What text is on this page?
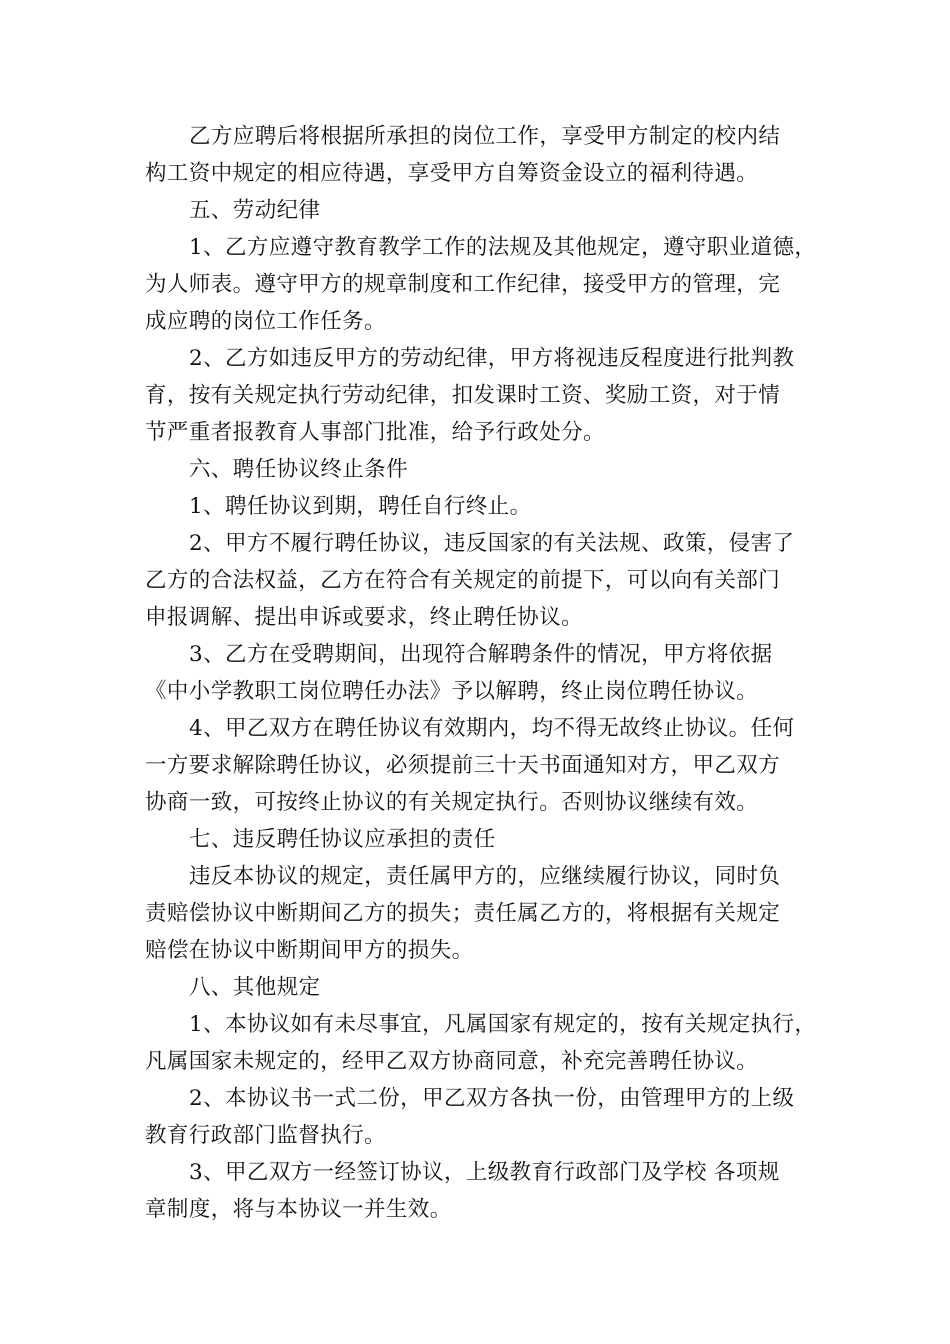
乙方应聘后将根据所承担的岗位工作，享受甲方制定的校内结
构工资中规定的相应待遇，享受甲方自筹资金设立的福利待遇。
五、劳动纪律
1、乙方应遵守教育教学工作的法规及其他规定，遵守职业道德，
为人师表。遵守甲方的规章制度和工作纪律，接受甲方的管理，完
成应聘的岗位工作任务。
2、乙方如违反甲方的劳动纪律，甲方将视违反程度进行批判教
育，按有关规定执行劳动纪律，扣发课时工资、奖励工资，对于情
节严重者报教育人事部门批准，给予行政处分。
六、聘任协议终止条件
1、聘任协议到期，聘任自行终止。
2、甲方不履行聘任协议，违反国家的有关法规、政策，侵害了
乙方的合法权益，乙方在符合有关规定的前提下，可以向有关部门
申报调解、提出申诉或要求，终止聘任协议。
3、乙方在受聘期间，出现符合解聘条件的情况，甲方将依据
《中小学教职工岗位聘任办法》予以解聘，终止岗位聘任协议。
4、甲乙双方在聘任协议有效期内，均不得无故终止协议。任何
一方要求解除聘任协议，必须提前三十天书面通知对方，甲乙双方
协商一致，可按终止协议的有关规定执行。否则协议继续有效。
七、违反聘任协议应承担的责任
违反本协议的规定，责任属甲方的，应继续履行协议，同时负
责赔偿协议中断期间乙方的损失；责任属乙方的，将根据有关规定
赔偿在协议中断期间甲方的损失。
八、其他规定
1、本协议如有未尽事宜，凡属国家有规定的，按有关规定执行，
凡属国家未规定的，经甲乙双方协商同意，补充完善聘任协议。
2、本协议书一式二份，甲乙双方各执一份，由管理甲方的上级
教育行政部门监督执行。
3、甲乙双方一经签订协议，上级教育行政部门及学校 各项规
章制度，将与本协议一并生效。
